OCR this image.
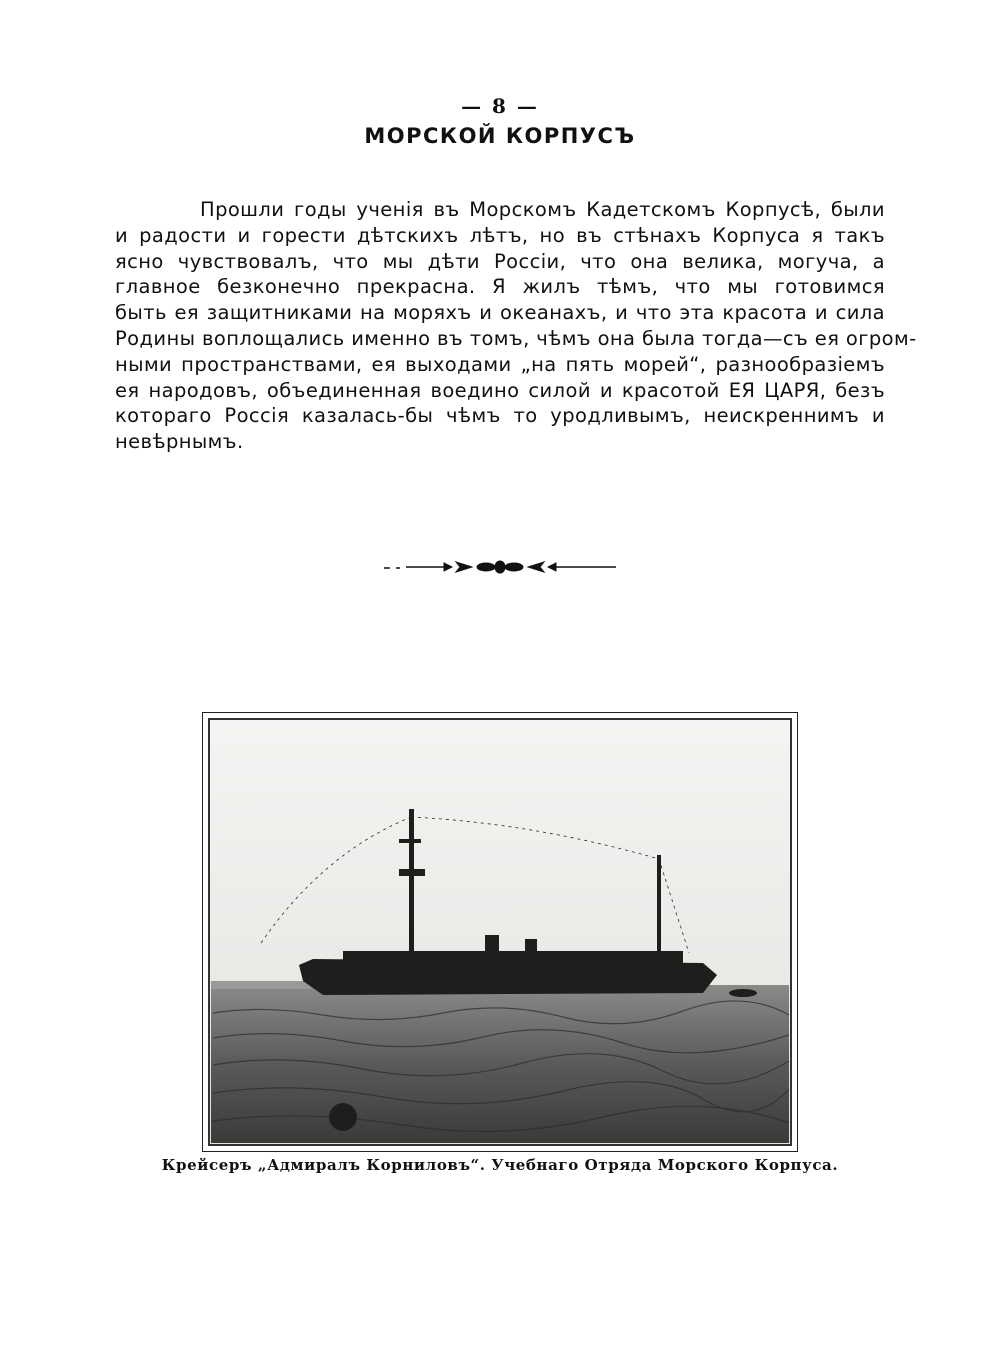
— 8 —
МОРСКОЙ КОРПУСЪ
Прошли годы ученія въ Морскомъ Кадетскомъ Корпусѣ, были
и радости и горести дѣтскихъ лѣтъ, но въ стѣнахъ Корпуса я такъ
ясно чувствовалъ, что мы дѣти Россіи, что она велика, могуча, а
главное безконечно прекрасна. Я жилъ тѣмъ, что мы готовимся
быть ея защитниками на моряхъ и океанахъ, и что эта красота и сила
Родины воплощались именно въ томъ, чѣмъ она была тогда—съ ея огром-
ными пространствами, ея выходами „на пять морей“, разнообразіемъ
ея народовъ, объединенная воедино силой и красотой ЕЯ ЦАРЯ, безъ
котораго Россія казалась-бы чѣмъ то уродливымъ, неискреннимъ и
невѣрнымъ.
Крейсеръ „Адмиралъ Корниловъ“. Учебнаго Отряда Морского Корпуса.
